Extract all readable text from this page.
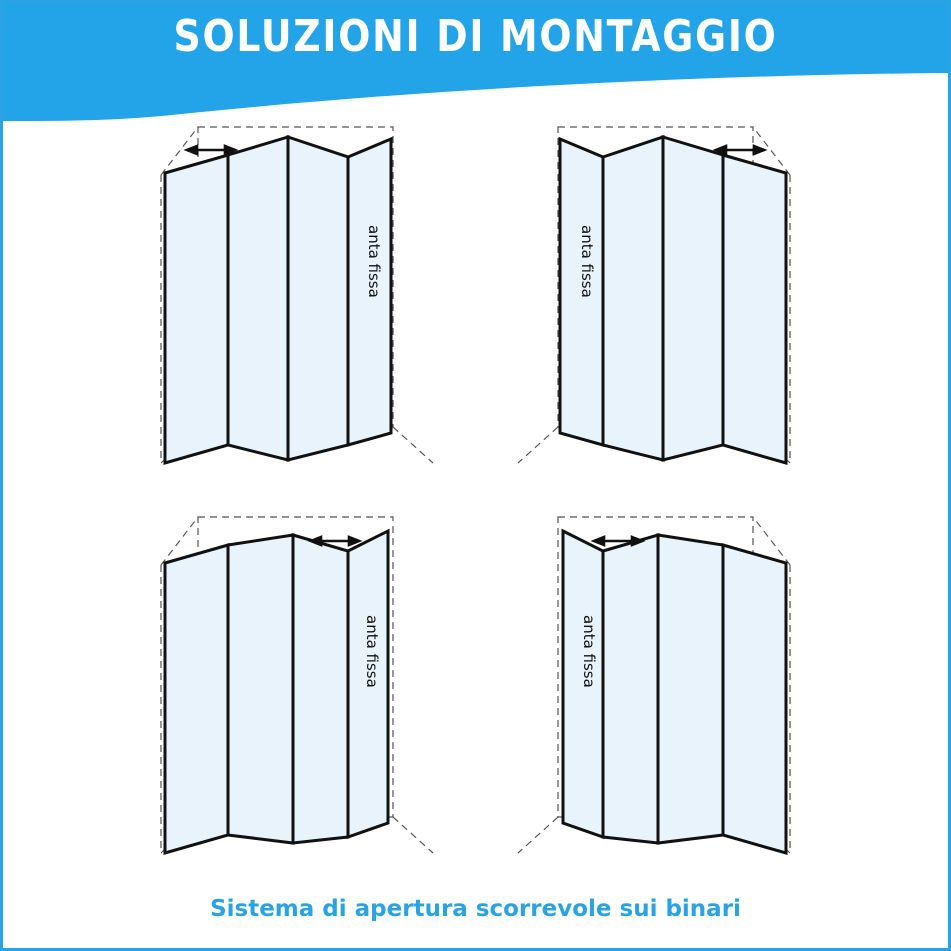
SOLUZIONI DI MONTAGGIO
anta fissa	anta fissa
anta fissa	anta fissa
Sistema di apertura scorrevole sui binari
